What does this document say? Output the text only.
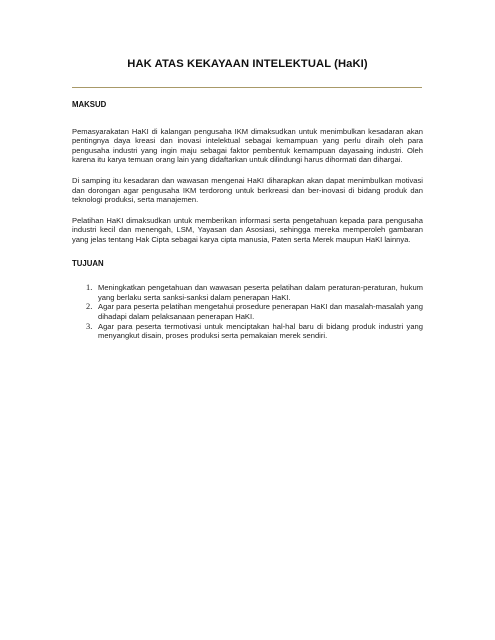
HAK ATAS KEKAYAAN INTELEKTUAL (HaKI)

MAKSUD

Pemasyarakatan HaKI di kalangan pengusaha IKM dimaksudkan untuk menimbulkan kesadaran akan pentingnya daya kreasi dan inovasi intelektual sebagai kemampuan yang perlu diraih oleh para pengusaha industri yang ingin maju sebagai faktor pembentuk kemampuan dayasaing industri. Oleh karena itu karya temuan orang lain yang didaftarkan untuk dilindungi harus dihormati dan dihargai.

Di samping itu kesadaran dan wawasan mengenai HaKI diharapkan akan dapat menimbulkan motivasi dan dorongan agar pengusaha IKM terdorong untuk berkreasi dan ber-inovasi di bidang produk dan teknologi produksi, serta manajemen.

Pelatihan HaKI dimaksudkan untuk memberikan informasi serta pengetahuan kepada para pengusaha industri kecil dan menengah, LSM, Yayasan dan Asosiasi, sehingga mereka memperoleh gambaran yang jelas tentang Hak Cipta sebagai karya cipta manusia, Paten serta Merek maupun HaKI lainnya.

TUJUAN

1. Meningkatkan pengetahuan dan wawasan peserta pelatihan dalam peraturan-peraturan, hukum yang berlaku serta sanksi-sanksi dalam penerapan HaKI.
2. Agar para peserta pelatihan mengetahui prosedure penerapan HaKI dan masalah-masalah yang dihadapi dalam pelaksanaan penerapan HaKI.
3. Agar para peserta termotivasi untuk menciptakan hal-hal baru di bidang produk industri yang menyangkut disain, proses produksi serta pemakaian merek sendiri.
